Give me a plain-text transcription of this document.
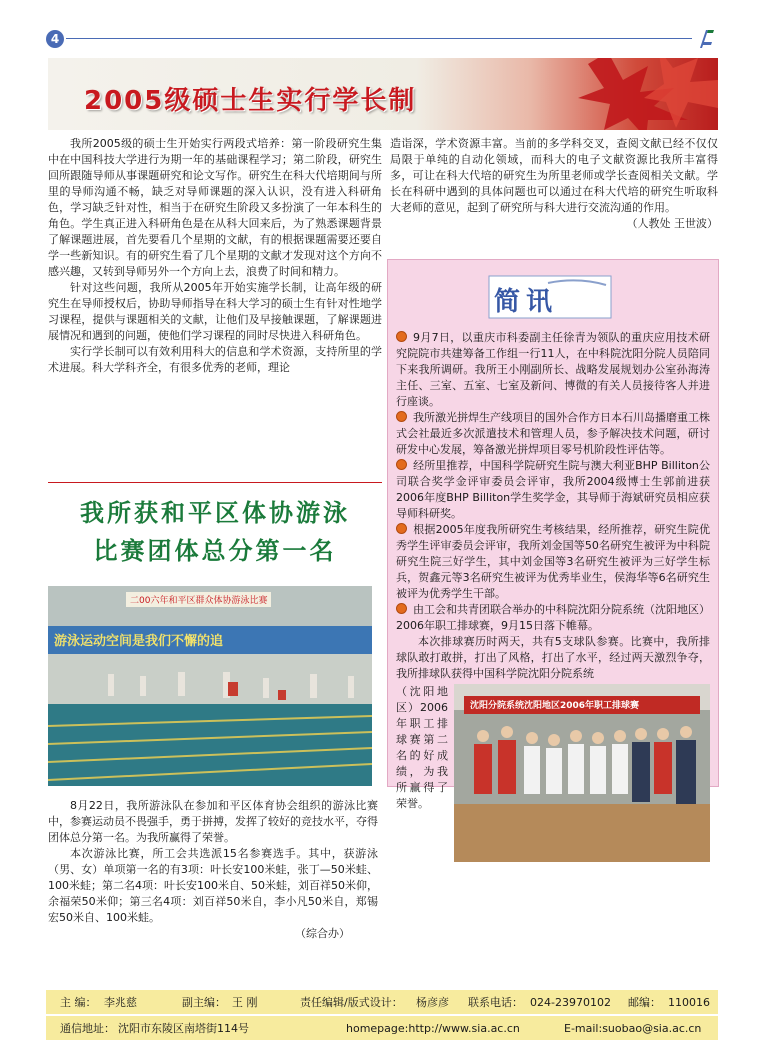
4
2005级硕士生实行学长制

我所2005级的硕士生开始实行两段式培养：第一阶段研究生集中在中国科技大学进行为期一年的基础课程学习；第二阶段，研究生回所跟随导师从事课题研究和论文写作。研究生在科大代培期间与所里的导师沟通不畅，缺乏对导师课题的深入认识，没有进入科研角色，学习缺乏针对性，相当于在研究生阶段又多扮演了一年本科生的角色。学生真正进入科研角色是在从科大回来后，为了熟悉课题背景了解课题进展，首先要看几个星期的文献，有的根据课题需要还要自学一些新知识。有的研究生看了几个星期的文献才发现对这个方向不感兴趣，又转到导师另外一个方向上去，浪费了时间和精力。

针对这些问题，我所从2005年开始实施学长制，让高年级的研究生在导师授权后，协助导师指导在科大学习的硕士生有针对性地学习课程，提供与课题相关的文献，让他们及早接触课题，了解课题进展情况和遇到的问题，使他们学习课程的同时尽快进入科研角色。

实行学长制可以有效利用科大的信息和学术资源，支持所里的学术进展。科大学科齐全，有很多优秀的老师，理论

造诣深，学术资源丰富。当前的多学科交叉，查阅文献已经不仅仅局限于单纯的自动化领域，而科大的电子文献资源比我所丰富得多，可让在科大代培的研究生为所里老师或学长查阅相关文献。学长在科研中遇到的具体问题也可以通过在科大代培的研究生听取科大老师的意见，起到了研究所与科大进行交流沟通的作用。

（人教处 王世波）
我所获和平区体协游泳
比赛团体总分第一名
二00六年和平区群众体协游泳比赛
游泳运动空间是我们不懈的追

8月22日，我所游泳队在参加和平区体育协会组织的游泳比赛中，参赛运动员不畏强手，勇于拼搏，发挥了较好的竞技水平，夺得团体总分第一名。为我所赢得了荣誉。

本次游泳比赛，所工会共选派15名参赛选手。其中，获游泳（男、女）单项第一名的有3项：叶长安100米蛙，张丁—50米蛙、100米蛙；第二名4项：叶长安100米自、50米蛙，刘百祥50米仰，余福荣50米仰；第三名4项：刘百祥50米自，李小凡50米自，郑锡宏50米自、100米蛙。

（综合办）
简讯

9月7日，以重庆市科委副主任徐青为领队的重庆应用技术研究院院市共建筹备工作组一行11人，在中科院沈阳分院人员陪同下来我所调研。我所王小刚副所长、战略发展规划办公室孙海涛主任、三室、五室、七室及新问、博微的有关人员接待客人并进行座谈。

我所激光拼焊生产线项目的国外合作方日本石川岛播磨重工株式会社最近多次派遣技术和管理人员，参予解决技术问题，研讨研发中心发展，筹备激光拼焊项目零号机阶段性评估等。

经所里推荐，中国科学院研究生院与澳大利亚BHP Billiton公司联合奖学金评审委员会评审，我所2004级博士生郭前进获2006年度BHP Billiton学生奖学金，其导师于海斌研究员相应获导师科研奖。

根据2005年度我所研究生考核结果，经所推荐，研究生院优秀学生评审委员会评审，我所刘金国等50名研究生被评为中科院研究生院三好学生，其中刘金国等3名研究生被评为三好学生标兵，贺鑫元等3名研究生被评为优秀毕业生，侯海华等6名研究生被评为优秀学生干部。

由工会和共青团联合举办的中科院沈阳分院系统（沈阳地区）2006年职工排球赛，9月15日落下帷幕。

本次排球赛历时两天，共有5支球队参赛。比赛中，我所排球队敢打敢拼，打出了风格，打出了水平，经过两天激烈争夺，我所排球队获得中国科学院沈阳分院系统

（沈阳地区）2006年职工排球赛第二名的好成绩，为我所赢得了荣誉。

沈阳分院系统沈阳地区2006年职工排球赛
主 编： 李兆慈	副主编： 王 刚	责任编辑/版式设计： 杨彦彦 联系电话： 024-23970102 邮编： 110016
通信地址： 沈阳市东陵区南塔街114号	homepage:http://www.sia.ac.cn	E-mail:suobao@sia.ac.cn
